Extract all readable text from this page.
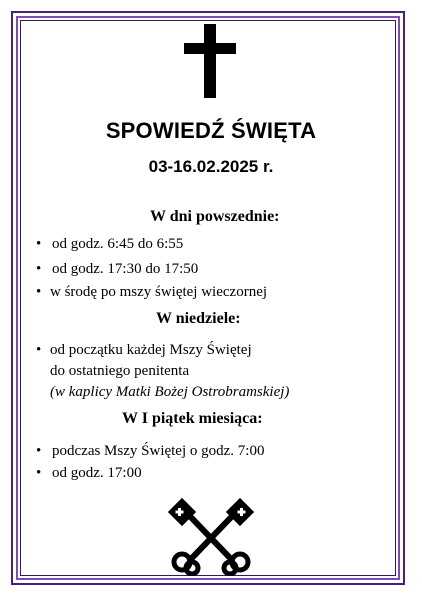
SPOWIEDŹ ŚWIĘTA
03-16.02.2025 r.
W dni powszednie:
• od godz. 6:45 do 6:55
• od godz. 17:30 do 17:50
• w środę po mszy świętej wieczornej
W niedziele:
• od początku każdej Mszy Świętej
do ostatniego penitenta
(w kaplicy Matki Bożej Ostrobramskiej)
W I piątek miesiąca:
• podczas Mszy Świętej o godz. 7:00
• od godz. 17:00
